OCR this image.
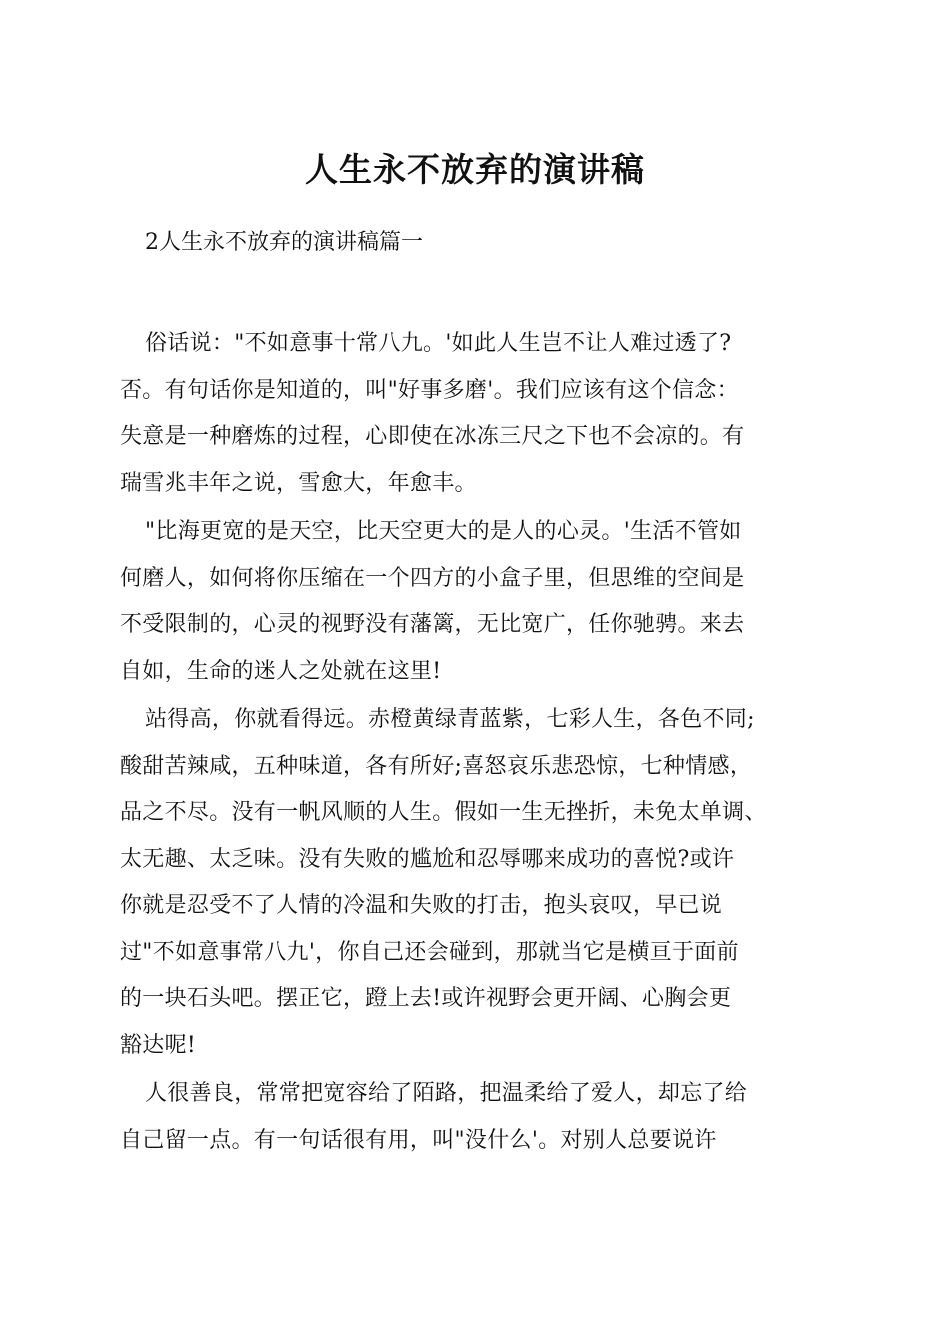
人生永不放弃的演讲稿
2人生永不放弃的演讲稿篇一
俗话说："不如意事十常八九。'如此人生岂不让人难过透了?
否。有句话你是知道的，叫"好事多磨'。我们应该有这个信念：
失意是一种磨炼的过程，心即使在冰冻三尺之下也不会凉的。有
瑞雪兆丰年之说，雪愈大，年愈丰。
"比海更宽的是天空，比天空更大的是人的心灵。'生活不管如
何磨人，如何将你压缩在一个四方的小盒子里，但思维的空间是
不受限制的，心灵的视野没有藩篱，无比宽广，任你驰骋。来去
自如，生命的迷人之处就在这里!
站得高，你就看得远。赤橙黄绿青蓝紫，七彩人生，各色不同;
酸甜苦辣咸，五种味道，各有所好;喜怒哀乐悲恐惊，七种情感，
品之不尽。没有一帆风顺的人生。假如一生无挫折，未免太单调、
太无趣、太乏味。没有失败的尴尬和忍辱哪来成功的喜悦?或许
你就是忍受不了人情的冷温和失败的打击，抱头哀叹，早已说
过"不如意事常八九'，你自己还会碰到，那就当它是横亘于面前
的一块石头吧。摆正它，蹬上去!或许视野会更开阔、心胸会更
豁达呢!
人很善良，常常把宽容给了陌路，把温柔给了爱人，却忘了给
自己留一点。有一句话很有用，叫"没什么'。对别人总要说许
